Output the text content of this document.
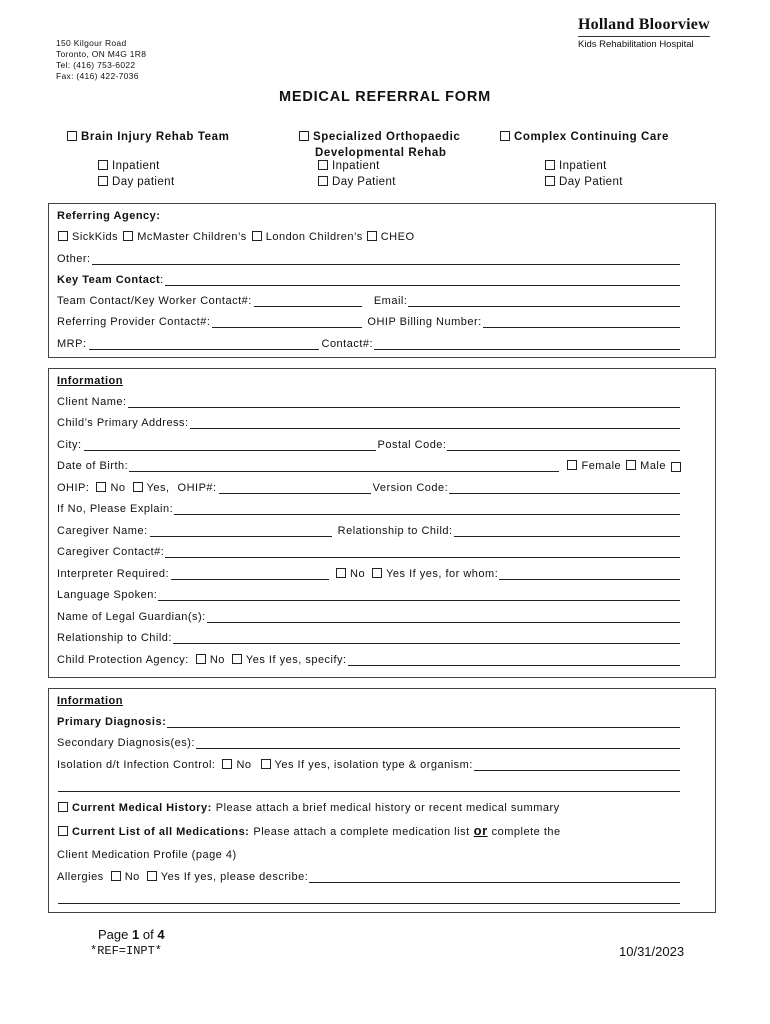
150 Kilgour Road
Toronto, ON M4G 1R8
Tel: (416) 753-6022
Fax: (416) 422-7036
Holland Bloorview
Kids Rehabilitation Hospital
MEDICAL REFERRAL FORM
Brain Injury Rehab Team
Inpatient
Day patient
Specialized Orthopaedic
Developmental Rehab
Inpatient
Day Patient
Complex Continuing Care
Inpatient
Day Patient
Referring Agency:
SickKids	McMaster Children’s	London Children’s	CHEO
Other:
Key Team Contact :
Team Contact/Key Worker Contact#:	Email:
Referring Provider Contact#:	OHIP Billing Number:
MRP:	Contact#:
Information
Client Name:
Child’s Primary Address:
City:	Postal Code:
Date of Birth:	Female	Male
OHIP:	No	Yes, OHIP#:	Version Code:
If No, Please Explain:
Caregiver Name:	Relationship to Child:
Caregiver Contact#:
Interpreter Required:	No	Yes If yes, for whom:
Language Spoken:
Name of Legal Guardian(s):
Relationship to Child:
Child Protection Agency:	No	Yes If yes, specify:
Information
Primary Diagnosis:
Secondary Diagnosis(es):
Isolation d/t Infection Control:	No	Yes If yes, isolation type & organism:
Current Medical History: Please attach a brief medical history or recent medical summary
Current List of all Medications: Please attach a complete medication list or complete the
Client Medication Profile (page 4)
Allergies	No	Yes If yes, please describe:
Page 1 of 4
*REF=INPT*	10/31/2023
